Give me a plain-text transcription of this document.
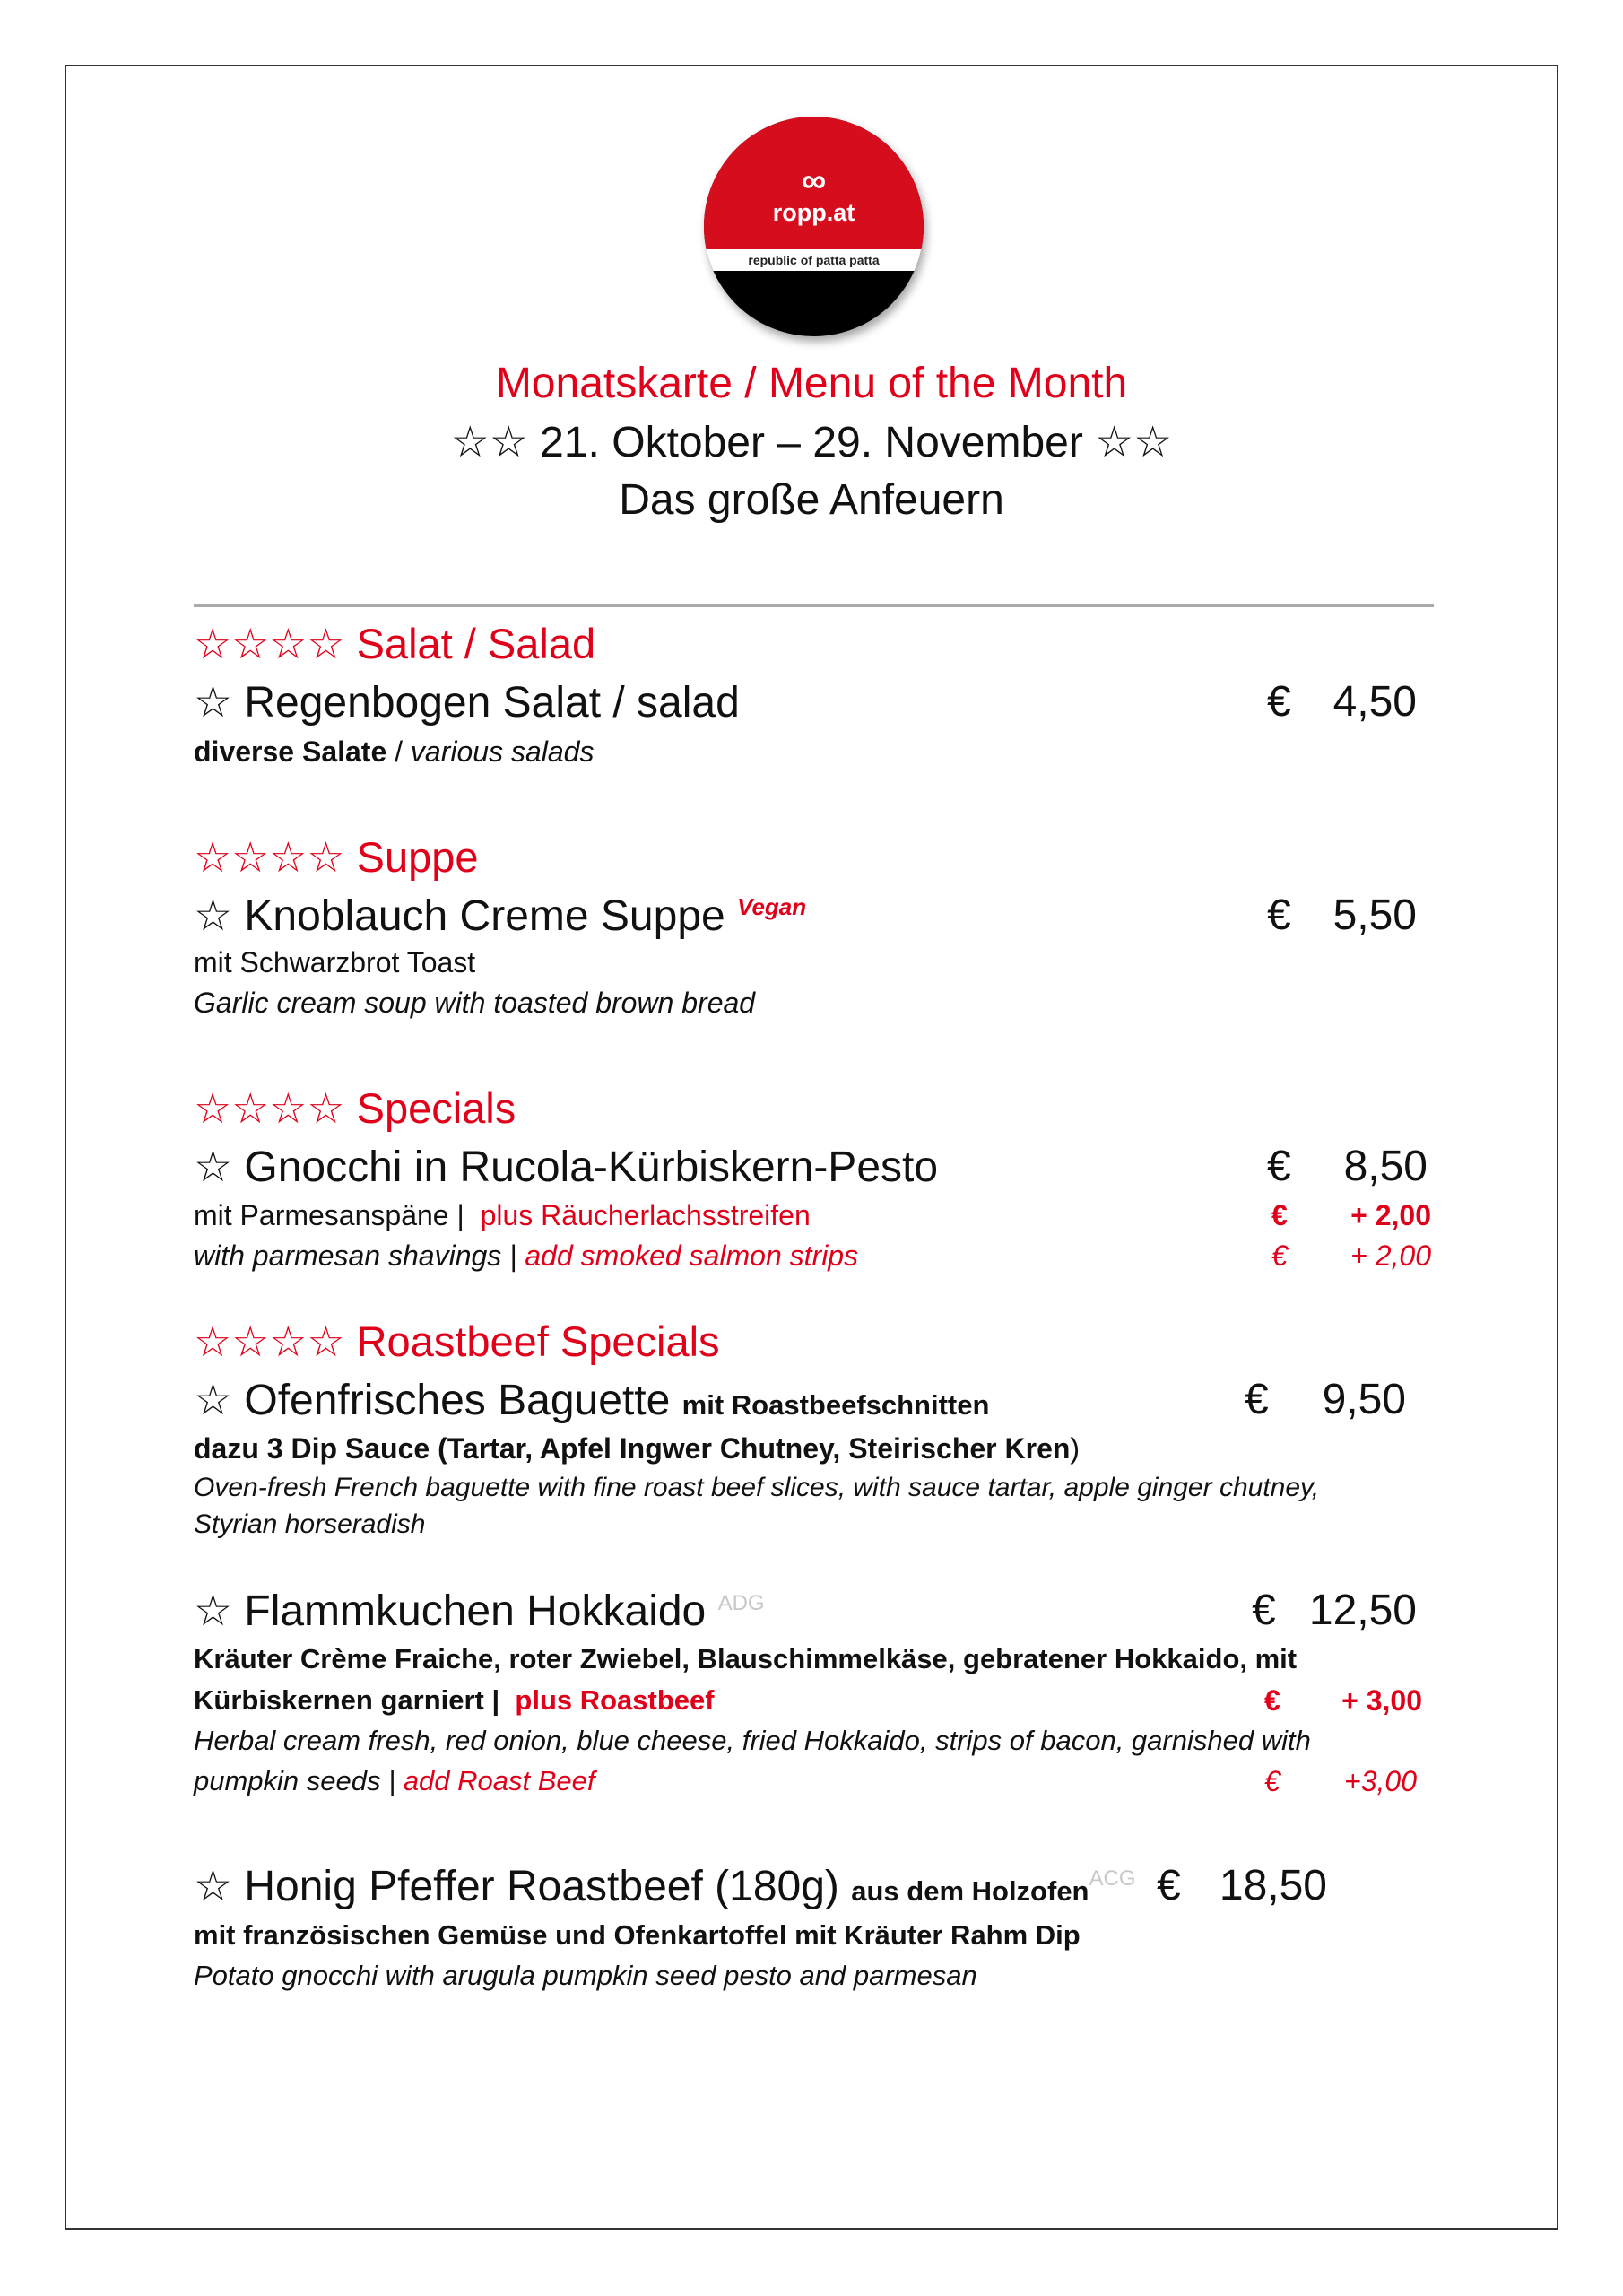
∞
ropp.at
republic of patta patta
Monatskarte / Menu of the Month
☆☆ 21. Oktober – 29. November ☆☆
Das große Anfeuern
☆☆☆☆ Salat / Salad
☆ Regenbogen Salat / salad	€ 4,50
diverse Salate / various salads
☆☆☆☆ Suppe
☆ Knoblauch Creme Suppe $^{Vegan}$	€ 5,50
mit Schwarzbrot Toast
Garlic cream soup with toasted brown bread
☆☆☆☆ Specials
☆ Gnocchi in Rucola-Kürbiskern-Pesto	€	8,50
mit Parmesanspäne | plus Räucherlachsstreifen	€	+ 2,00
with parmesan shavings | add smoked salmon strips	€	+ 2,00
☆☆☆☆ Roastbeef Specials
☆ Ofenfrisches Baguette mit Roastbeefschnitten	€	9,50
dazu 3 Dip Sauce (Tartar, Apfel Ingwer Chutney, Steirischer Kren)
Oven-fresh French baguette with fine roast beef slices, with sauce tartar, apple ginger chutney,
Styrian horseradish
☆ Flammkuchen Hokkaido $^{ADG}$	€ 12,50
Kräuter Crème Fraiche, roter Zwiebel, Blauschimmelkäse, gebratener Hokkaido, mit
Kürbiskernen garniert | plus Roastbeef	€	+ 3,00
Herbal cream fresh, red onion, blue cheese, fried Hokkaido, strips of bacon, garnished with
pumpkin seeds | add Roast Beef	€	+3,00
☆ Honig Pfeffer Roastbeef (180g) aus dem Holzofen$^{ACG}$ € 18,50
mit französischen Gemüse und Ofenkartoffel mit Kräuter Rahm Dip
Potato gnocchi with arugula pumpkin seed pesto and parmesan
